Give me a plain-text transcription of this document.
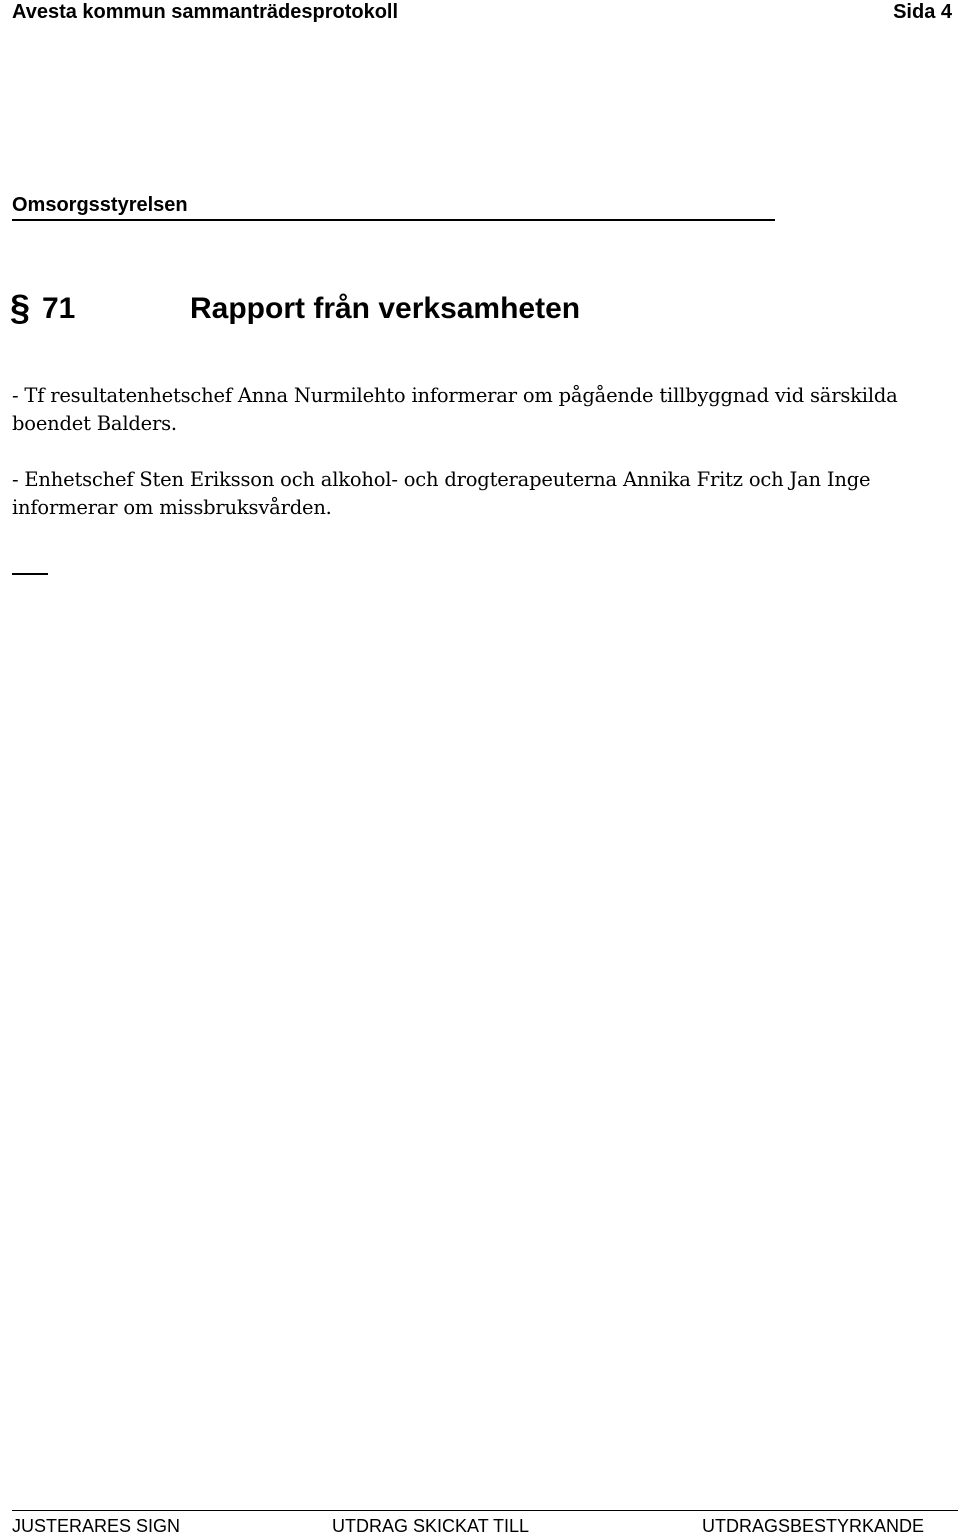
Avesta kommun sammanträdesprotokoll	Sida 4
Omsorgsstyrelsen
§ 71	Rapport från verksamheten
- Tf resultatenhetschef Anna Nurmilehto informerar om pågående tillbyggnad vid särskilda boendet Balders.
- Enhetschef Sten Eriksson och alkohol- och drogterapeuterna Annika Fritz och Jan Inge informerar om missbruksvården.
JUSTERARES SIGN	UTDRAG SKICKAT TILL	UTDRAGSBESTYRKANDE
